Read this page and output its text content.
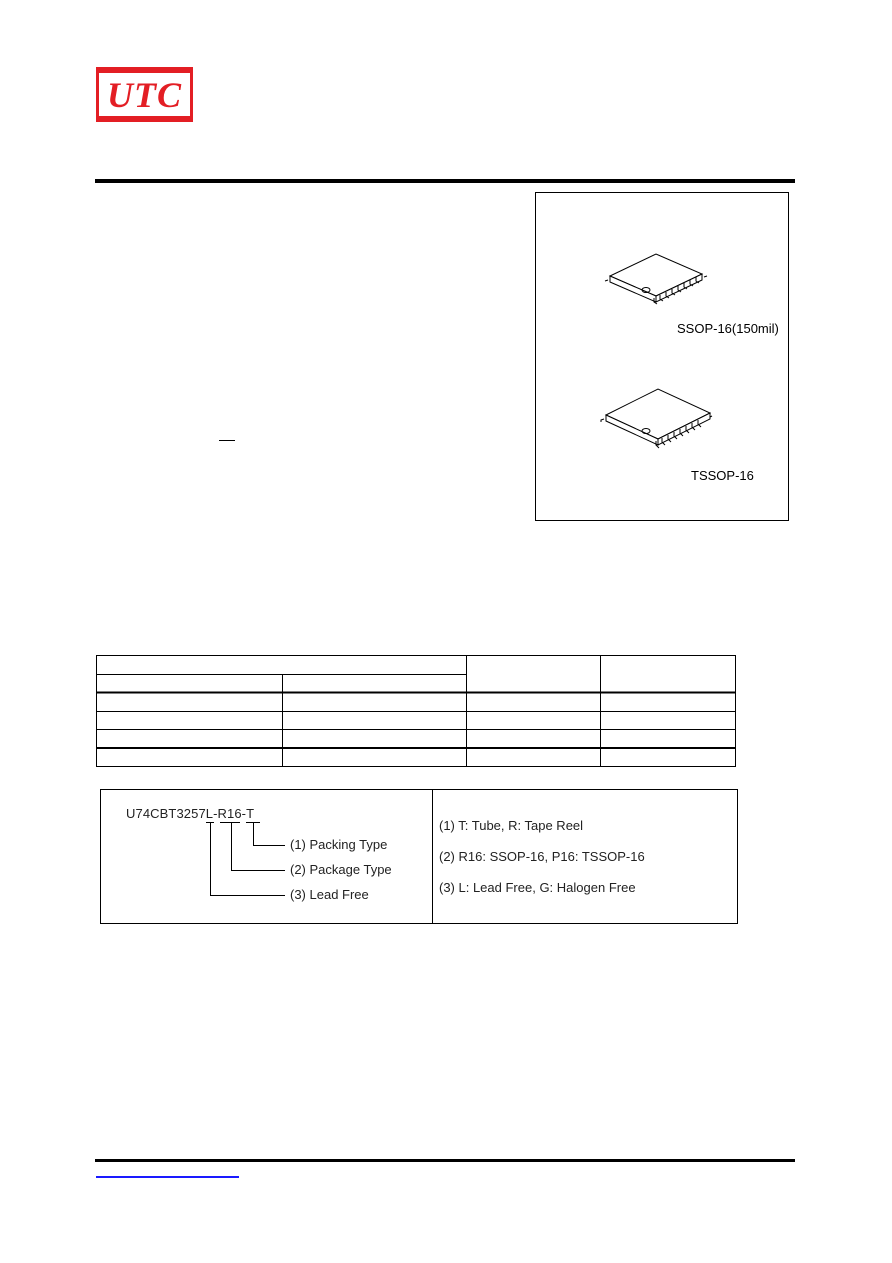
UTC
SSOP-16(150mil)
TSSOP-16
U74CBT3257L-R16-T
(1) Packing Type
(2) Package Type
(3) Lead Free
(1) T: Tube, R: Tape Reel
(2) R16: SSOP-16, P16: TSSOP-16
(3) L: Lead Free, G: Halogen Free
